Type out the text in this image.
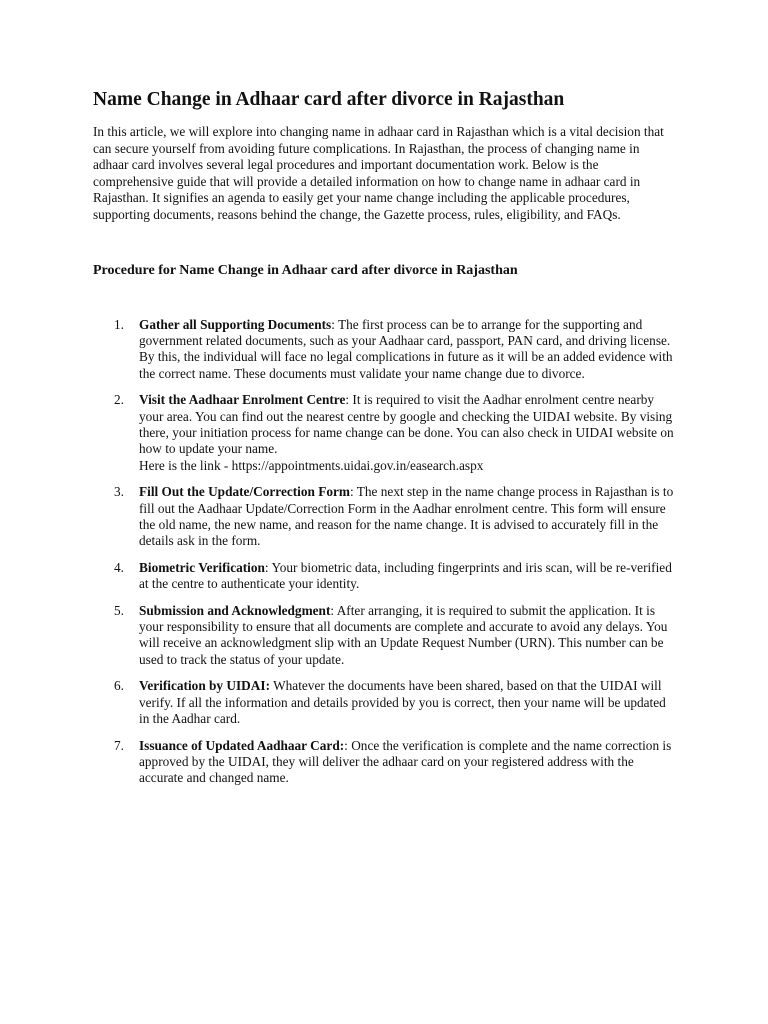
Name Change in Adhaar card after divorce in Rajasthan

In this article, we will explore into changing name in adhaar card in Rajasthan which is a vital decision that can secure yourself from avoiding future complications. In Rajasthan, the process of changing name in adhaar card involves several legal procedures and important documentation work. Below is the comprehensive guide that will provide a detailed information on how to change name in adhaar card in Rajasthan. It signifies an agenda to easily get your name change including the applicable procedures, supporting documents, reasons behind the change, the Gazette process, rules, eligibility, and FAQs.

Procedure for Name Change in Adhaar card after divorce in Rajasthan
1. Gather all Supporting Documents: The first process can be to arrange for the supporting and government related documents, such as your Aadhaar card, passport, PAN card, and driving license. By this, the individual will face no legal complications in future as it will be an added evidence with the correct name. These documents must validate your name change due to divorce.
2. Visit the Aadhaar Enrolment Centre: It is required to visit the Aadhar enrolment centre nearby your area. You can find out the nearest centre by google and checking the UIDAI website. By vising there, your initiation process for name change can be done. You can also check in UIDAI website on how to update your name.
Here is the link - https://appointments.uidai.gov.in/easearch.aspx
3. Fill Out the Update/Correction Form: The next step in the name change process in Rajasthan is to fill out the Aadhaar Update/Correction Form in the Aadhar enrolment centre. This form will ensure the old name, the new name, and reason for the name change. It is advised to accurately fill in the details ask in the form.
4. Biometric Verification: Your biometric data, including fingerprints and iris scan, will be re-verified at the centre to authenticate your identity.
5. Submission and Acknowledgment: After arranging, it is required to submit the application. It is your responsibility to ensure that all documents are complete and accurate to avoid any delays. You will receive an acknowledgment slip with an Update Request Number (URN). This number can be used to track the status of your update.
6. Verification by UIDAI: Whatever the documents have been shared, based on that the UIDAI will verify. If all the information and details provided by you is correct, then your name will be updated in the Aadhar card.
7. Issuance of Updated Aadhaar Card:: Once the verification is complete and the name correction is approved by the UIDAI, they will deliver the adhaar card on your registered address with the accurate and changed name.
